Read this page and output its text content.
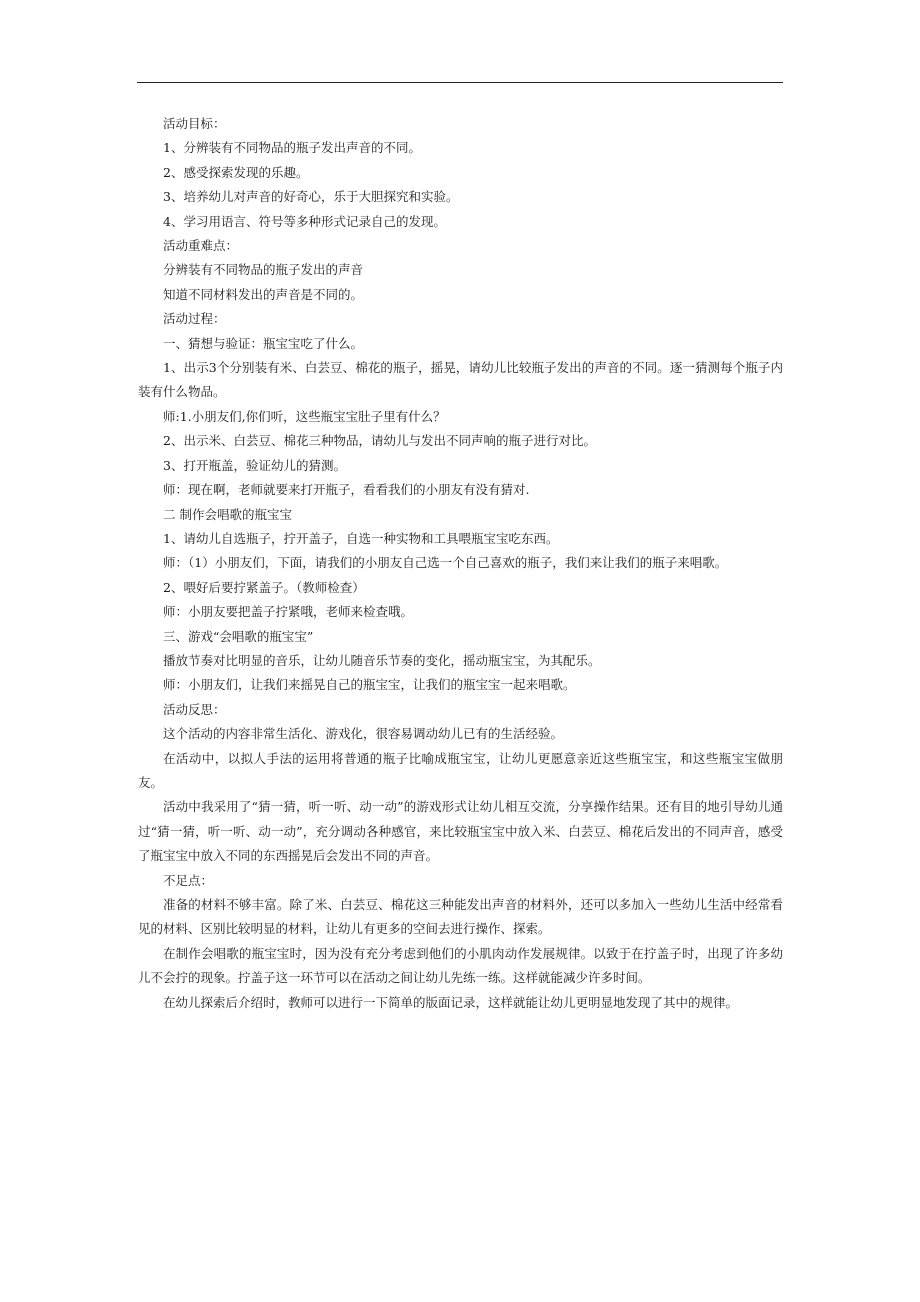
活动目标：

1、分辨装有不同物品的瓶子发出声音的不同。

2、感受探索发现的乐趣。

3、培养幼儿对声音的好奇心，乐于大胆探究和实验。

4、学习用语言、符号等多种形式记录自己的发现。

活动重难点：

分辨装有不同物品的瓶子发出的声音

知道不同材料发出的声音是不同的。

活动过程：

一、猜想与验证：瓶宝宝吃了什么。

1、出示3个分别装有米、白芸豆、棉花的瓶子，摇晃，请幼儿比较瓶子发出的声音的不同。逐一猜测每个瓶子内装有什么物品。

师:1.小朋友们,你们听，这些瓶宝宝肚子里有什么？

2、出示米、白芸豆、棉花三种物品，请幼儿与发出不同声响的瓶子进行对比。

3、打开瓶盖，验证幼儿的猜测。

师：现在啊，老师就要来打开瓶子，看看我们的小朋友有没有猜对.

二 制作会唱歌的瓶宝宝

1、请幼儿自选瓶子，拧开盖子，自选一种实物和工具喂瓶宝宝吃东西。

师：（1）小朋友们，下面，请我们的小朋友自己选一个自己喜欢的瓶子，我们来让我们的瓶子来唱歌。

2、喂好后要拧紧盖子。（教师检查）

师：小朋友要把盖子拧紧哦，老师来检查哦。

三、游戏“会唱歌的瓶宝宝”

播放节奏对比明显的音乐，让幼儿随音乐节奏的变化，摇动瓶宝宝，为其配乐。

师：小朋友们，让我们来摇晃自己的瓶宝宝，让我们的瓶宝宝一起来唱歌。

活动反思：

这个活动的内容非常生活化、游戏化，很容易调动幼儿已有的生活经验。

在活动中，以拟人手法的运用将普通的瓶子比喻成瓶宝宝，让幼儿更愿意亲近这些瓶宝宝，和这些瓶宝宝做朋友。

活动中我采用了“猜一猜，听一听、动一动”的游戏形式让幼儿相互交流，分享操作结果。还有目的地引导幼儿通过“猜一猜，听一听、动一动”，充分调动各种感官，来比较瓶宝宝中放入米、白芸豆、棉花后发出的不同声音，感受了瓶宝宝中放入不同的东西摇晃后会发出不同的声音。

不足点：

准备的材料不够丰富。除了米、白芸豆、棉花这三种能发出声音的材料外，还可以多加入一些幼儿生活中经常看见的材料、区别比较明显的材料，让幼儿有更多的空间去进行操作、探索。

在制作会唱歌的瓶宝宝时，因为没有充分考虑到他们的小肌肉动作发展规律。以致于在拧盖子时，出现了许多幼儿不会拧的现象。拧盖子这一环节可以在活动之间让幼儿先练一练。这样就能减少许多时间。

在幼儿探索后介绍时，教师可以进行一下简单的版面记录，这样就能让幼儿更明显地发现了其中的规律。
